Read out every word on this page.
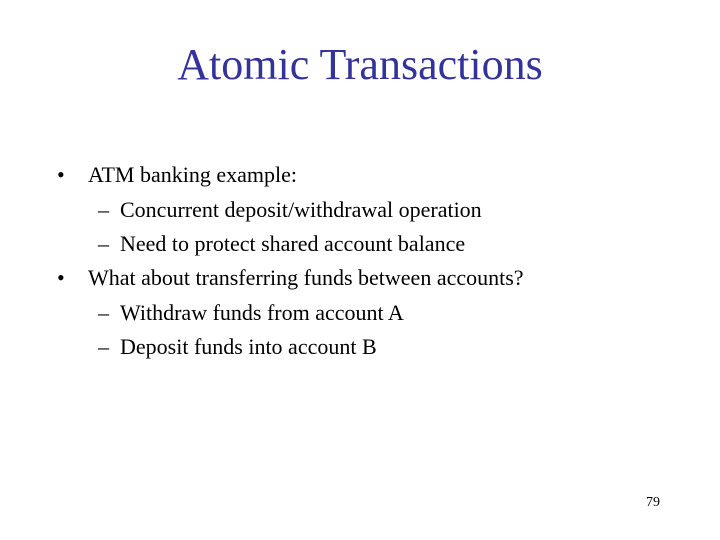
Atomic Transactions
• ATM banking example:
– Concurrent deposit/withdrawal operation
– Need to protect shared account balance
• What about transferring funds between accounts?
– Withdraw funds from account A
– Deposit funds into account B
79
